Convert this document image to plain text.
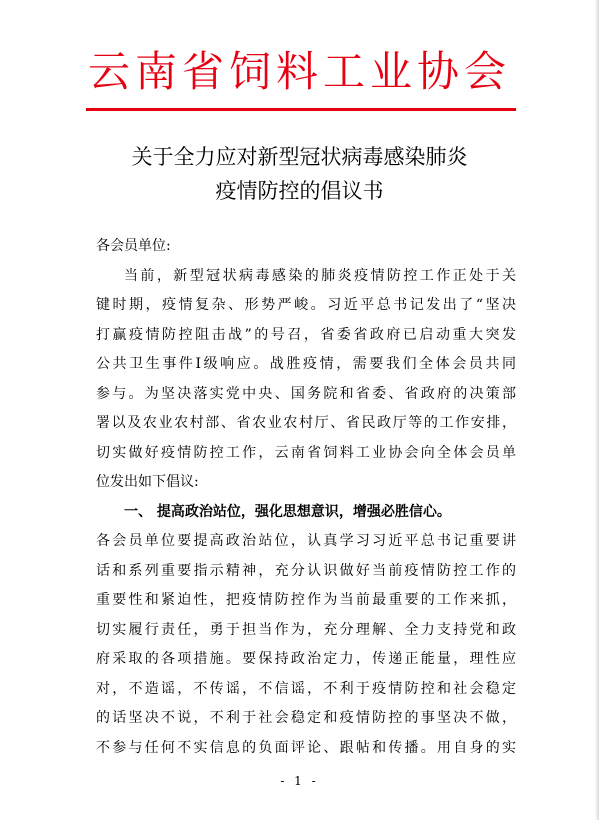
云南省饲料工业协会
关于全力应对新型冠状病毒感染肺炎
疫情防控的倡议书
各会员单位:
当前，新型冠状病毒感染的肺炎疫情防控工作正处于关
键时期，疫情复杂、形势严峻。习近平总书记发出了“坚决
打赢疫情防控阻击战”的号召，省委省政府已启动重大突发
公共卫生事件Ⅰ级响应。战胜疫情，需要我们全体会员共同
参与。为坚决落实党中央、国务院和省委、省政府的决策部
署以及农业农村部、省农业农村厅、省民政厅等的工作安排，
切实做好疫情防控工作，云南省饲料工业协会向全体会员单
位发出如下倡议:
一、 提高政治站位，强化思想意识，增强必胜信心。
各会员单位要提高政治站位，认真学习习近平总书记重要讲
话和系列重要指示精神，充分认识做好当前疫情防控工作的
重要性和紧迫性，把疫情防控作为当前最重要的工作来抓，
切实履行责任，勇于担当作为，充分理解、全力支持党和政
府采取的各项措施。要保持政治定力，传递正能量，理性应
对，不造谣，不传谣，不信谣，不利于疫情防控和社会稳定
的话坚决不说，不利于社会稳定和疫情防控的事坚决不做，
不参与任何不实信息的负面评论、跟帖和传播。用自身的实
- 1 -
